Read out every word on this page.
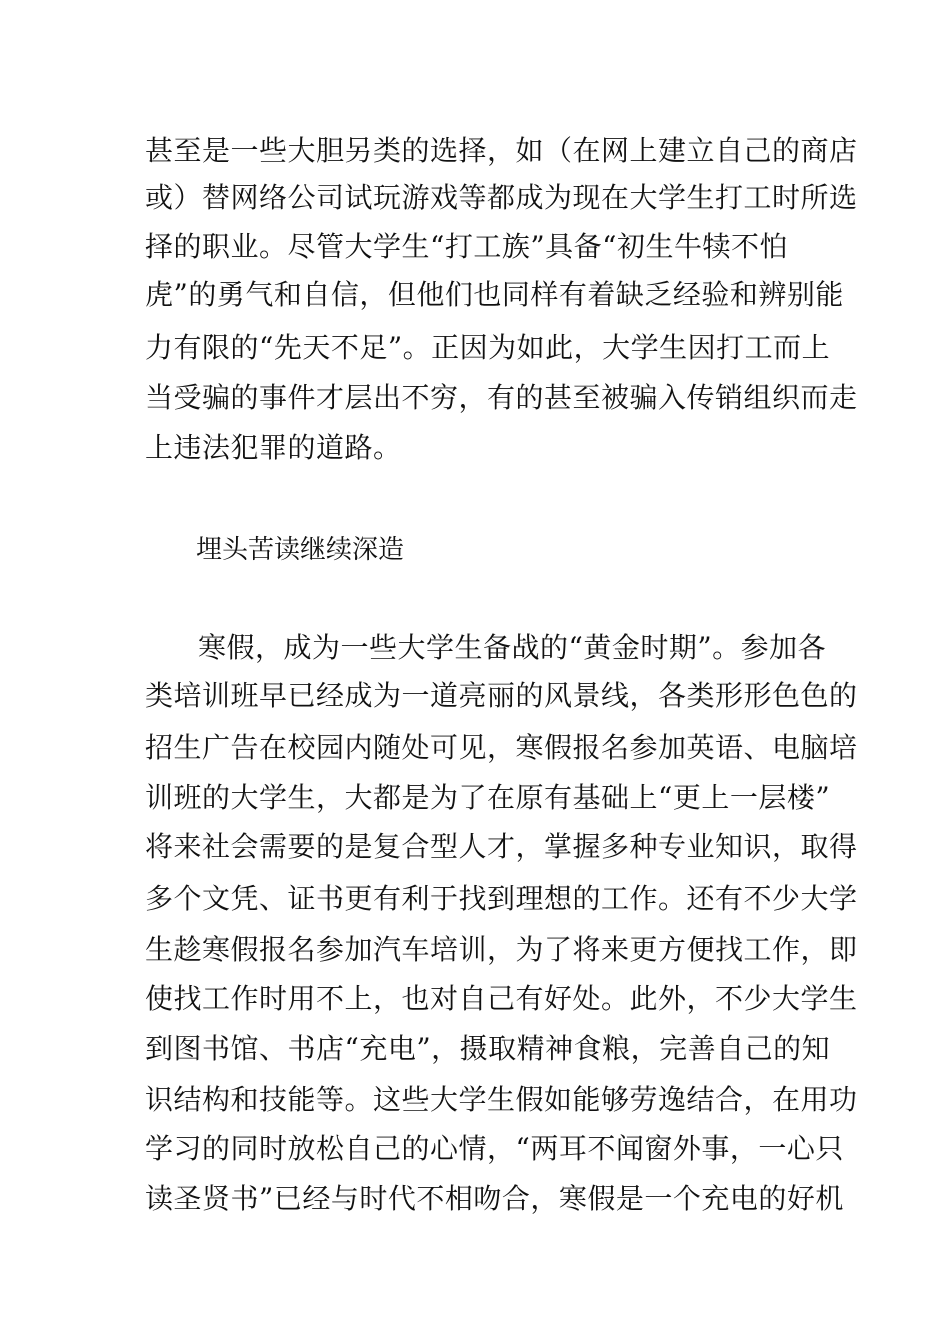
甚至是一些大胆另类的选择，如（在网上建立自己的商店
或）替网络公司试玩游戏等都成为现在大学生打工时所选
择的职业。尽管大学生“打工族”具备“初生牛犊不怕
虎”的勇气和自信，但他们也同样有着缺乏经验和辨别能
力有限的“先天不足”。正因为如此，大学生因打工而上
当受骗的事件才层出不穷，有的甚至被骗入传销组织而走
上违法犯罪的道路。
埋头苦读继续深造
寒假，成为一些大学生备战的“黄金时期”。参加各
类培训班早已经成为一道亮丽的风景线，各类形形色色的
招生广告在校园内随处可见，寒假报名参加英语、电脑培
训班的大学生，大都是为了在原有基础上“更上一层楼”
将来社会需要的是复合型人才，掌握多种专业知识，取得
多个文凭、证书更有利于找到理想的工作。还有不少大学
生趁寒假报名参加汽车培训，为了将来更方便找工作，即
使找工作时用不上，也对自己有好处。此外，不少大学生
到图书馆、书店“充电”，摄取精神食粮，完善自己的知
识结构和技能等。这些大学生假如能够劳逸结合，在用功
学习的同时放松自己的心情，“两耳不闻窗外事，一心只
读圣贤书”已经与时代不相吻合，寒假是一个充电的好机
